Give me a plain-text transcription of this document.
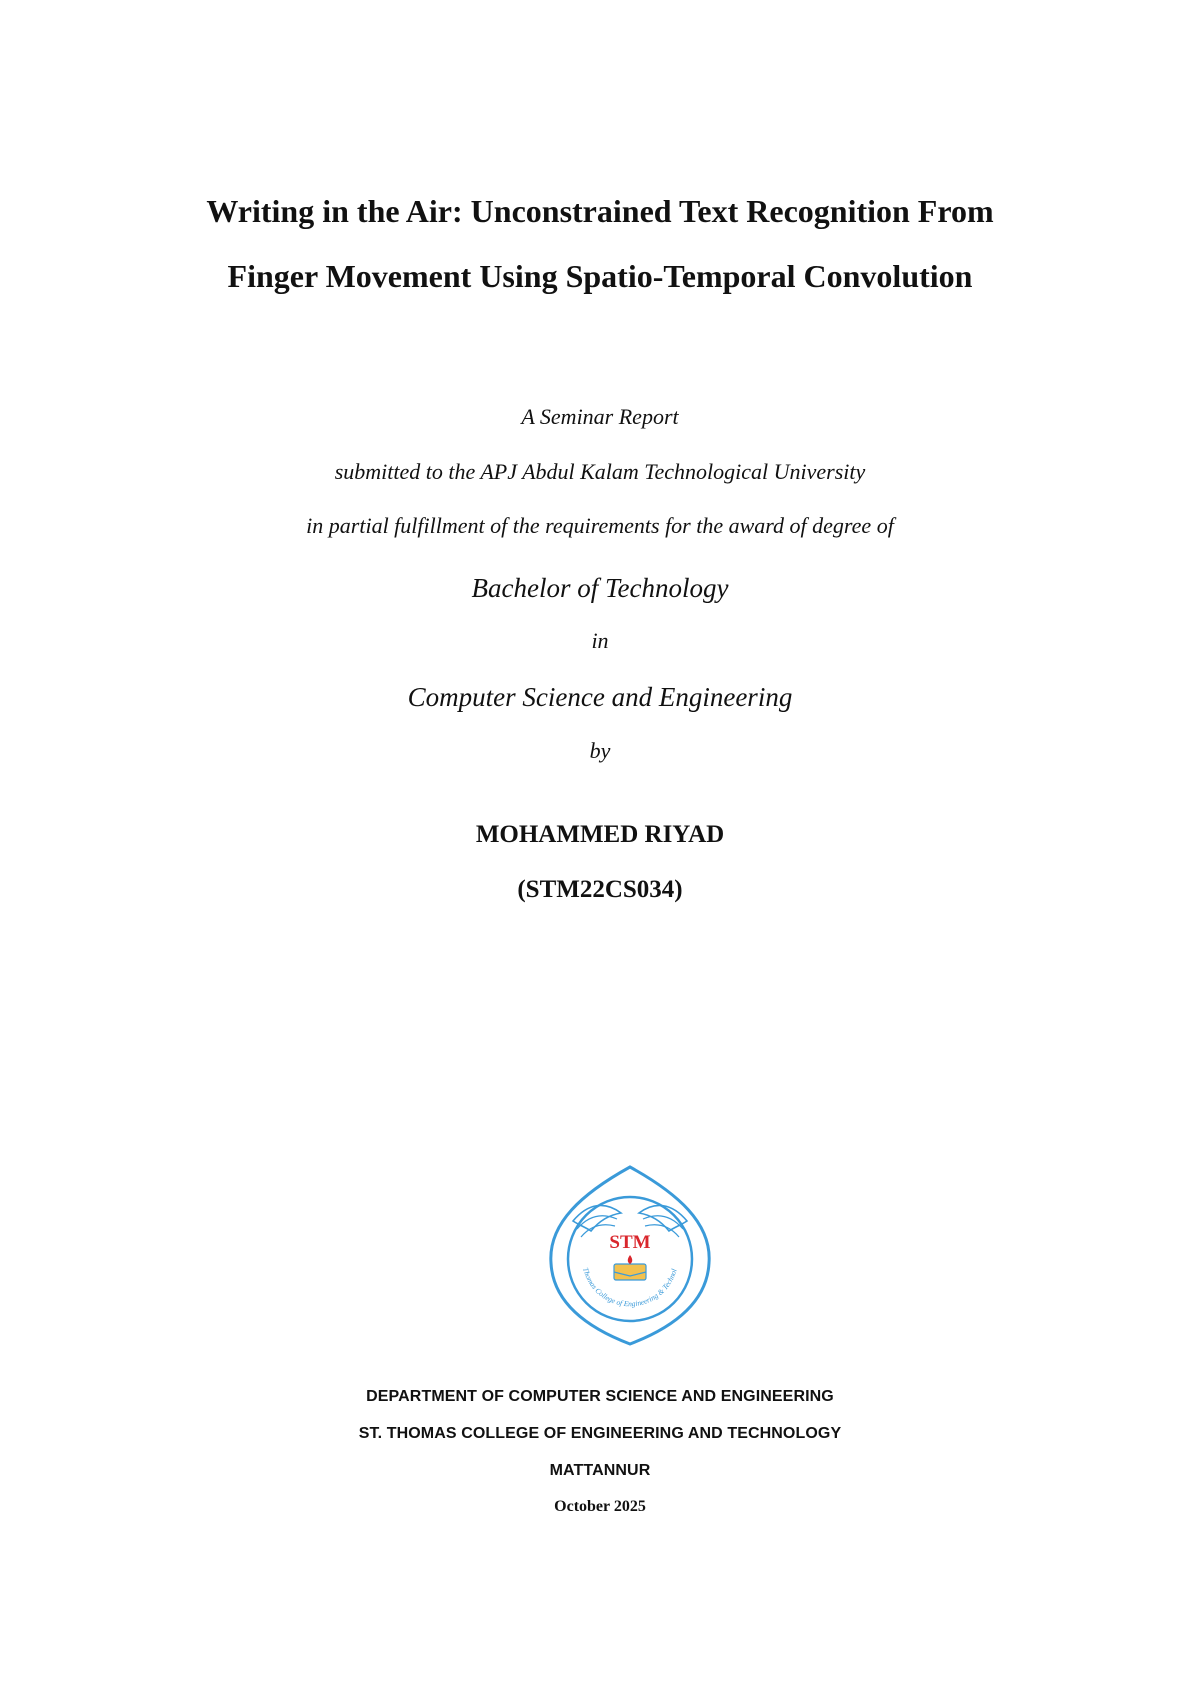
Writing in the Air: Unconstrained Text Recognition From
Finger Movement Using Spatio-Temporal Convolution
A Seminar Report
submitted to the APJ Abdul Kalam Technological University
in partial fulfillment of the requirements for the award of degree of
Bachelor of Technology
in
Computer Science and Engineering
by
MOHAMMED RIYAD
(STM22CS034)
STM
Thomas College of Engineering & Technol
DEPARTMENT OF COMPUTER SCIENCE AND ENGINEERING
ST. THOMAS COLLEGE OF ENGINEERING AND TECHNOLOGY
MATTANNUR
October 2025
